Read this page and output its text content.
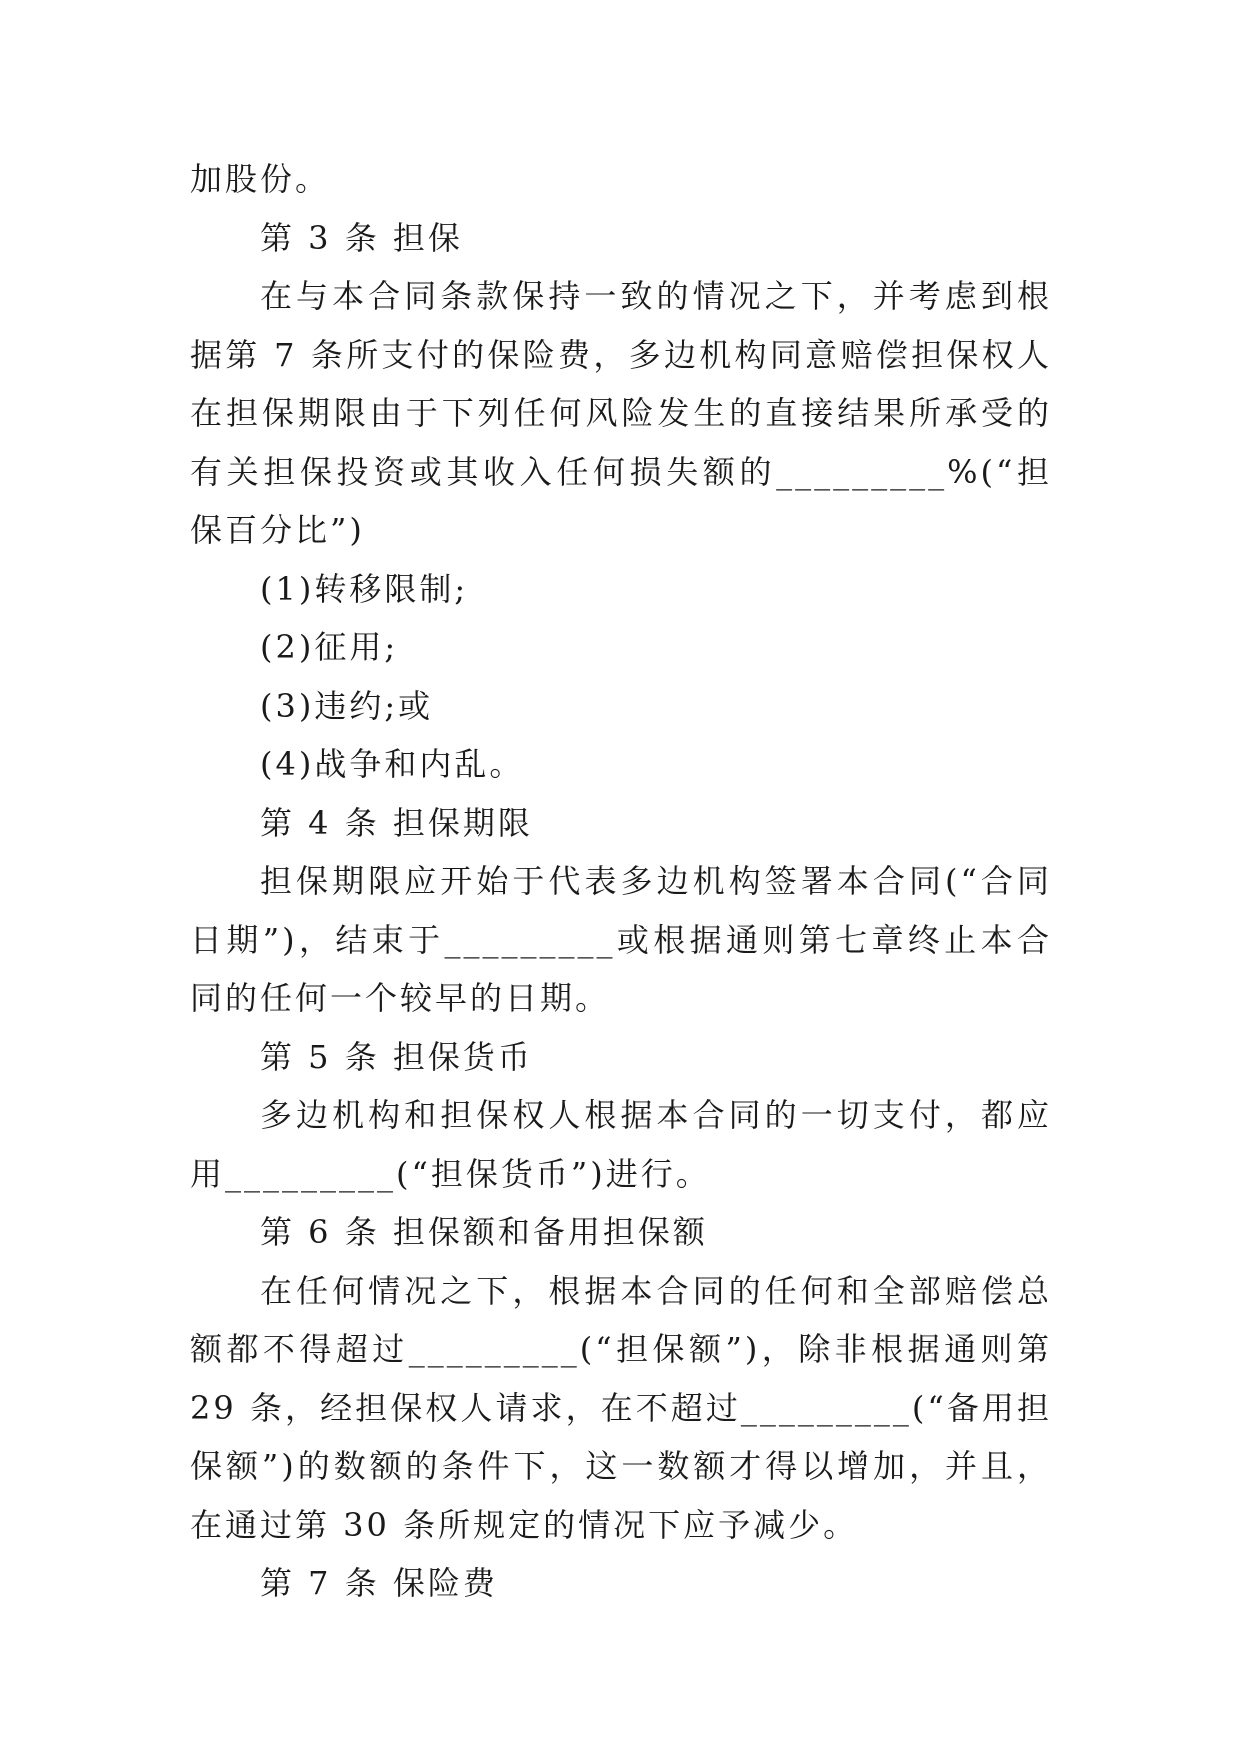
加股份。

第 3 条 担保

在与本合同条款保持一致的情况之下，并考虑到根据第 7 条所支付的保险费，多边机构同意赔偿担保权人在担保期限由于下列任何风险发生的直接结果所承受的有关担保投资或其收入任何损失额的_________%(“担保百分比”)

(1)转移限制;

(2)征用;

(3)违约;或

(4)战争和内乱。

第 4 条 担保期限

担保期限应开始于代表多边机构签署本合同(“合同日期”)，结束于_________或根据通则第七章终止本合同的任何一个较早的日期。

第 5 条 担保货币

多边机构和担保权人根据本合同的一切支付，都应用_________(“担保货币”)进行。

第 6 条 担保额和备用担保额

在任何情况之下，根据本合同的任何和全部赔偿总额都不得超过_________(“担保额”)，除非根据通则第 29 条，经担保权人请求，在不超过_________(“备用担保额”)的数额的条件下，这一数额才得以增加，并且，在通过第 30 条所规定的情况下应予减少。

第 7 条 保险费
